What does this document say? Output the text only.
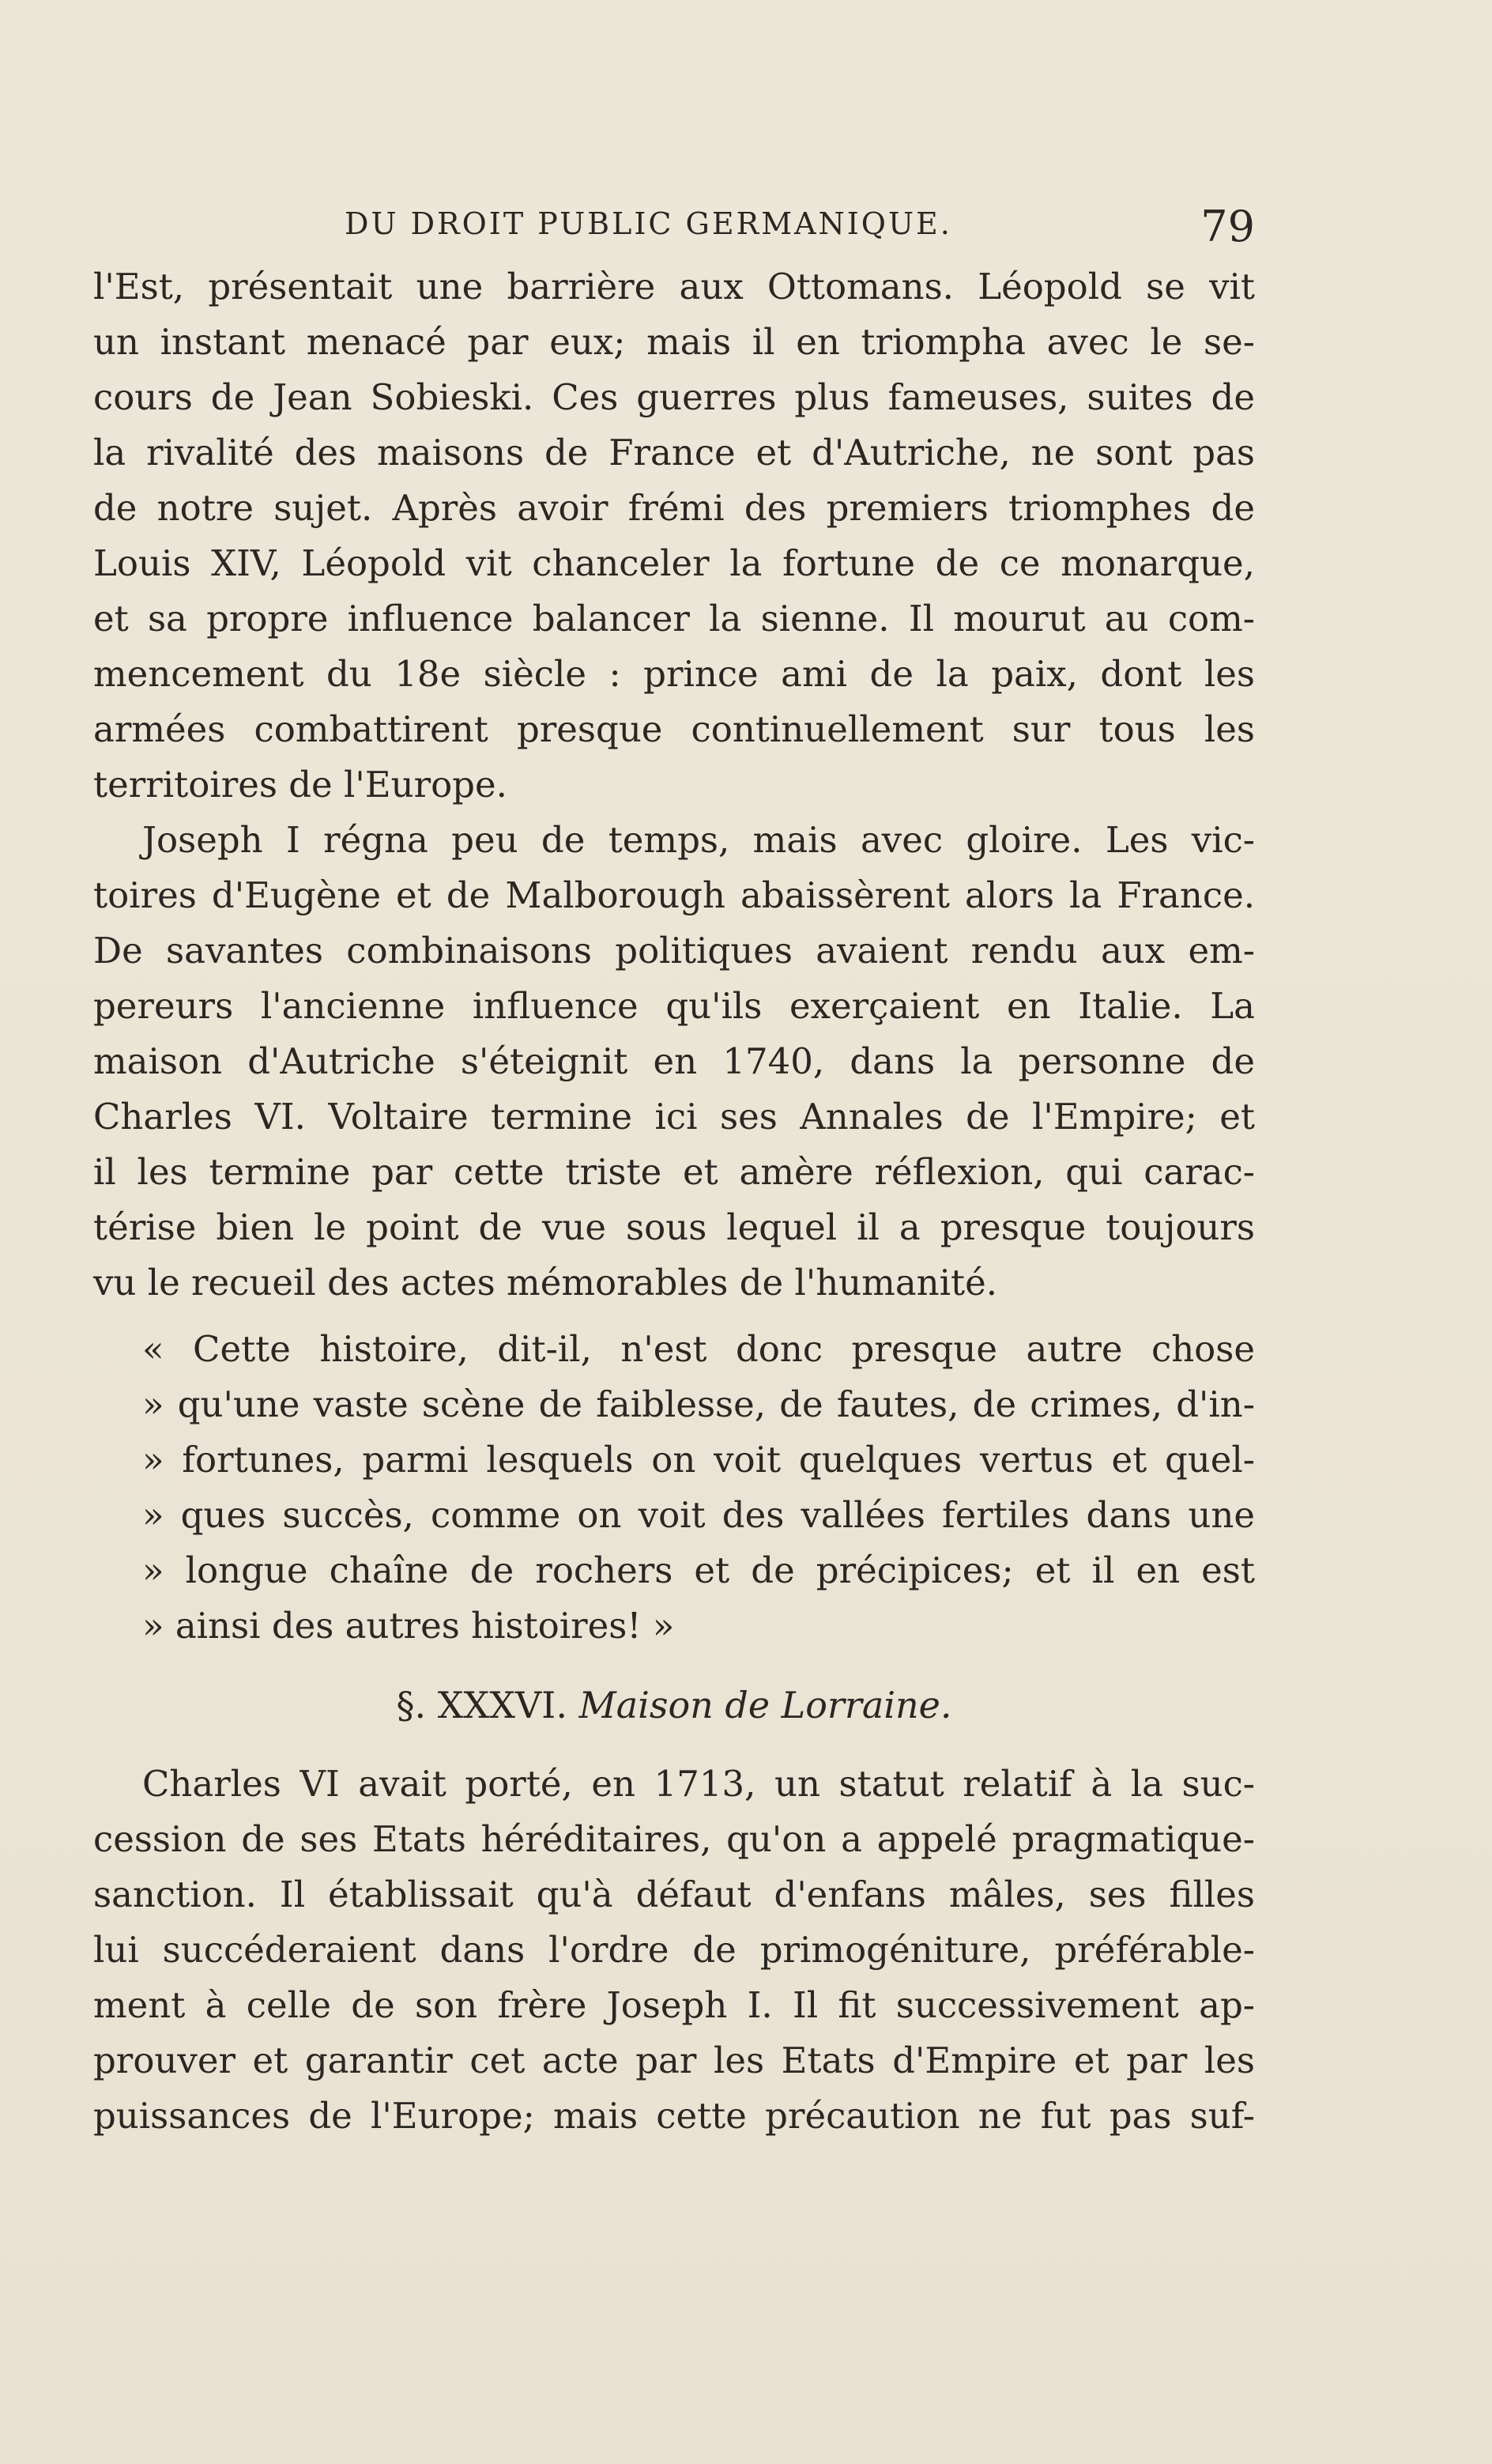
DU DROIT PUBLIC GERMANIQUE.	79
l'Est, présentait une barrière aux Ottomans. Léopold se vit
un instant menacé par eux; mais il en triompha avec le se-
cours de Jean Sobieski. Ces guerres plus fameuses, suites de
la rivalité des maisons de France et d'Autriche, ne sont pas
de notre sujet. Après avoir frémi des premiers triomphes de
Louis XIV, Léopold vit chanceler la fortune de ce monarque,
et sa propre influence balancer la sienne. Il mourut au com-
mencement du 18e siècle : prince ami de la paix, dont les
armées combattirent presque continuellement sur tous les
territoires de l'Europe.
Joseph I régna peu de temps, mais avec gloire. Les vic-
toires d'Eugène et de Malborough abaissèrent alors la France.
De savantes combinaisons politiques avaient rendu aux em-
pereurs l'ancienne influence qu'ils exerçaient en Italie. La
maison d'Autriche s'éteignit en 1740, dans la personne de
Charles VI. Voltaire termine ici ses Annales de l'Empire; et
il les termine par cette triste et amère réflexion, qui carac-
térise bien le point de vue sous lequel il a presque toujours
vu le recueil des actes mémorables de l'humanité.
« Cette histoire, dit-il, n'est donc presque autre chose
» qu'une vaste scène de faiblesse, de fautes, de crimes, d'in-
» fortunes, parmi lesquels on voit quelques vertus et quel-
» ques succès, comme on voit des vallées fertiles dans une
» longue chaîne de rochers et de précipices; et il en est
» ainsi des autres histoires! »
§. XXXVI. Maison de Lorraine.
Charles VI avait porté, en 1713, un statut relatif à la suc-
cession de ses Etats héréditaires, qu'on a appelé pragmatique-
sanction. Il établissait qu'à défaut d'enfans mâles, ses filles
lui succéderaient dans l'ordre de primogéniture, préférable-
ment à celle de son frère Joseph I. Il fit successivement ap-
prouver et garantir cet acte par les Etats d'Empire et par les
puissances de l'Europe; mais cette précaution ne fut pas suf-
